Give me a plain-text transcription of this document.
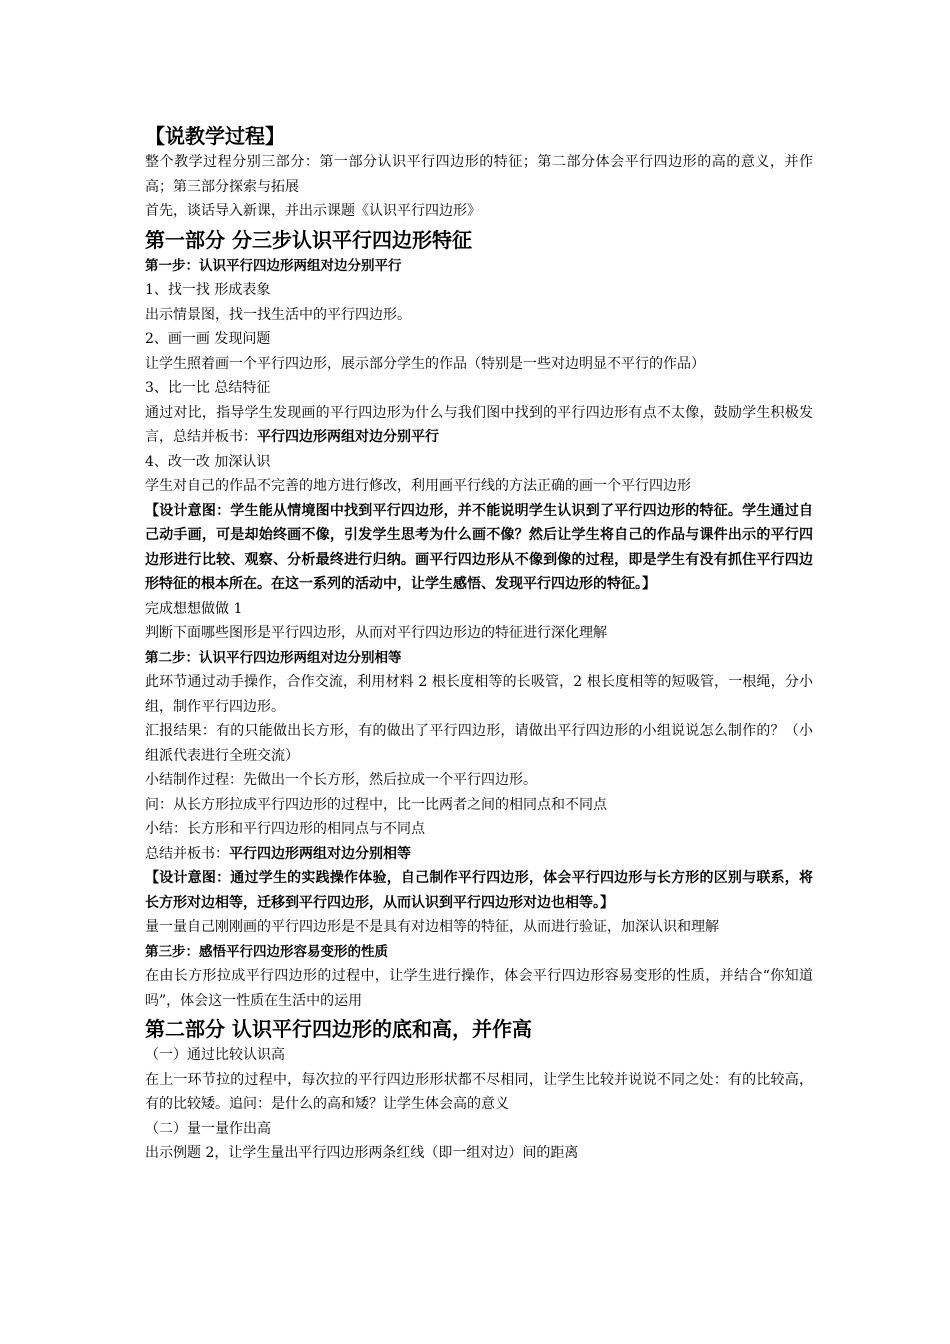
【说教学过程】

整个教学过程分别三部分：第一部分认识平行四边形的特征；第二部分体会平行四边形的高的意义，并作高；第三部分探索与拓展

首先，谈话导入新课，并出示课题《认识平行四边形》

第一部分 分三步认识平行四边形特征

第一步：认识平行四边形两组对边分别平行

1、找一找 形成表象

出示情景图，找一找生活中的平行四边形。

2、画一画 发现问题

让学生照着画一个平行四边形，展示部分学生的作品（特别是一些对边明显不平行的作品）

3、比一比 总结特征

通过对比，指导学生发现画的平行四边形为什么与我们图中找到的平行四边形有点不太像，鼓励学生积极发言，总结并板书：平行四边形两组对边分别平行

4、改一改 加深认识

学生对自己的作品不完善的地方进行修改，利用画平行线的方法正确的画一个平行四边形

【设计意图：学生能从情境图中找到平行四边形，并不能说明学生认识到了平行四边形的特征。学生通过自己动手画，可是却始终画不像，引发学生思考为什么画不像？然后让学生将自己的作品与课件出示的平行四边形进行比较、观察、分析最终进行归纳。画平行四边形从不像到像的过程，即是学生有没有抓住平行四边形特征的根本所在。在这一系列的活动中，让学生感悟、发现平行四边形的特征。】

完成想想做做 1

判断下面哪些图形是平行四边形，从而对平行四边形边的特征进行深化理解

第二步：认识平行四边形两组对边分别相等

此环节通过动手操作，合作交流，利用材料 2 根长度相等的长吸管，2 根长度相等的短吸管，一根绳，分小组，制作平行四边形。

汇报结果：有的只能做出长方形，有的做出了平行四边形，请做出平行四边形的小组说说怎么制作的？（小组派代表进行全班交流）

小结制作过程：先做出一个长方形，然后拉成一个平行四边形。

问：从长方形拉成平行四边形的过程中，比一比两者之间的相同点和不同点

小结：长方形和平行四边形的相同点与不同点

总结并板书：平行四边形两组对边分别相等

【设计意图：通过学生的实践操作体验，自己制作平行四边形，体会平行四边形与长方形的区别与联系，将长方形对边相等，迁移到平行四边形，从而认识到平行四边形对边也相等。】

量一量自己刚刚画的平行四边形是不是具有对边相等的特征，从而进行验证，加深认识和理解

第三步：感悟平行四边形容易变形的性质

在由长方形拉成平行四边形的过程中，让学生进行操作，体会平行四边形容易变形的性质，并结合“你知道吗”，体会这一性质在生活中的运用

第二部分 认识平行四边形的底和高，并作高

（一）通过比较认识高

在上一环节拉的过程中，每次拉的平行四边形形状都不尽相同，让学生比较并说说不同之处：有的比较高，有的比较矮。追问：是什么的高和矮？让学生体会高的意义

（二）量一量作出高

出示例题 2，让学生量出平行四边形两条红线（即一组对边）间的距离
